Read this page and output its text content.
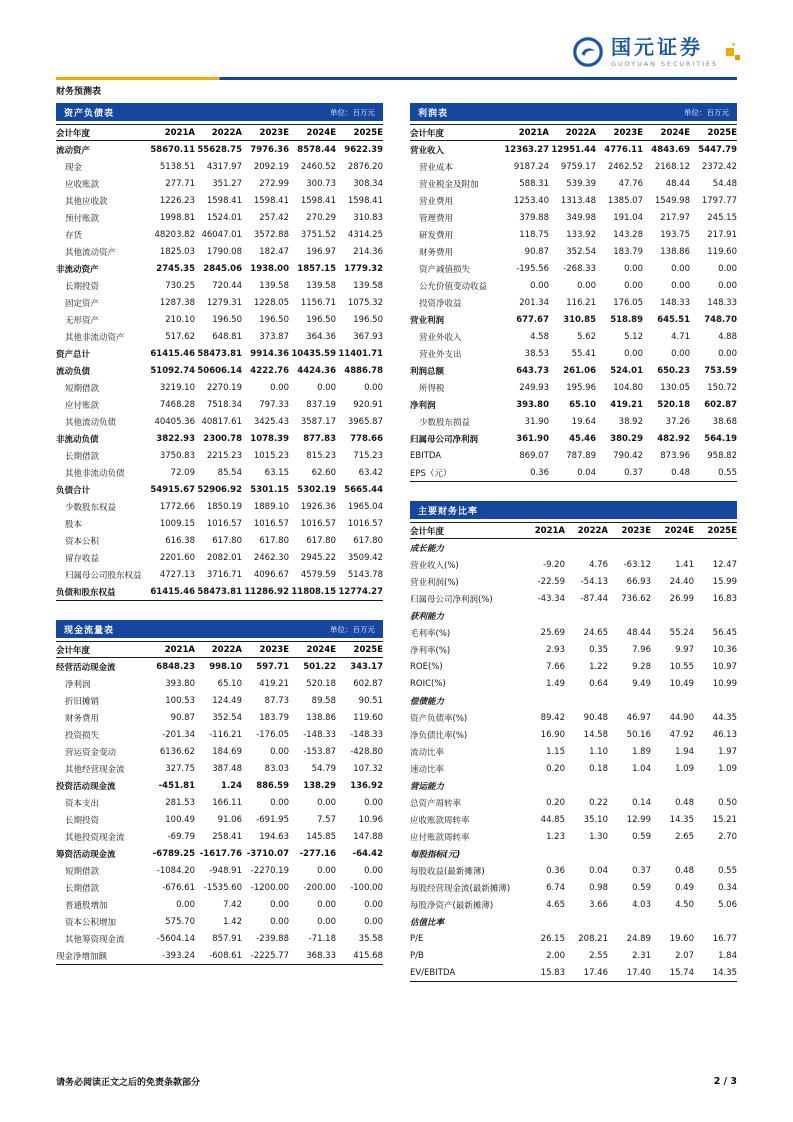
国元证券
GUOYUAN SECURITIES
财务预测表
资产负债表	单位：百万元
会计年度	2021A	2022A	2023E	2024E	2025E
流动资产	58670.11 55628.75 7976.36 8578.44 9622.39
现金	5138.51	4317.97	2092.19	2460.52	2876.20
应收账款	277.71	351.27	272.99	300.73	308.34
其他应收款	1226.23	1598.41	1598.41	1598.41	1598.41
预付账款	1998.81	1524.01	257.42	270.29	310.83
存货	48203.82 46047.01	3572.88	3751.52	4314.25
其他流动资产	1825.03	1790.08	182.47	196.97	214.36
非流动资产	2745.35 2845.06 1938.00 1857.15 1779.32
长期投资	730.25	720.44	139.58	139.58	139.58
固定资产	1287.38	1279.31	1228.05	1156.71	1075.32
无形资产	210.10	196.50	196.50	196.50	196.50
其他非流动资产	517.62	648.81	373.87	364.36	367.93
资产总计	61415.46 58473.81 9914.36 10435.59 11401.71
流动负债	51092.74 50606.14 4222.76 4424.36 4886.78
短期借款	3219.10	2270.19	0.00	0.00	0.00
应付账款	7468.28	7518.34	797.33	837.19	920.91
其他流动负债	40405.36 40817.61	3425.43	3587.17	3965.87
非流动负债	3822.93 2300.78 1078.39	877.83	778.66
长期借款	3750.83	2215.23	1015.23	815.23	715.23
其他非流动负债	72.09	85.54	63.15	62.60	63.42
负债合计	54915.67 52906.92 5301.15 5302.19 5665.44
少数股东权益	1772.66	1850.19	1889.10	1926.36	1965.04
股本	1009.15	1016.57	1016.57	1016.57	1016.57
资本公积	616.38	617.80	617.80	617.80	617.80
留存收益	2201.60	2082.01	2462.30	2945.22	3509.42
归属母公司股东权益	4727.13	3716.71	4096.67	4579.59	5143.78
负债和股东权益	61415.46 58473.81 11286.92 11808.15 12774.27
现金流量表	单位：百万元
会计年度	2021A	2022A	2023E	2024E	2025E
经营活动现金流	6848.23	998.10	597.71	501.22	343.17
净利润	393.80	65.10	419.21	520.18	602.87
折旧摊销	100.53	124.49	87.73	89.58	90.51
财务费用	90.87	352.54	183.79	138.86	119.60
投资损失	-201.34	-116.21	-176.05	-148.33	-148.33
营运资金变动	6136.62	184.69	0.00	-153.87	-428.80
其他经营现金流	327.75	387.48	83.03	54.79	107.32
投资活动现金流	-451.81	1.24	886.59	138.29	136.92
资本支出	281.53	166.11	0.00	0.00	0.00
长期投资	100.49	91.06	-691.95	7.57	10.96
其他投资现金流	-69.79	258.41	194.63	145.85	147.88
筹资活动现金流	-6789.25 -1617.76 -3710.07	-277.16	-64.42
短期借款	-1084.20	-948.91	-2270.19	0.00	0.00
长期借款	-676.61	-1535.60	-1200.00	-200.00	-100.00
普通股增加	0.00	7.42	0.00	0.00	0.00
资本公积增加	575.70	1.42	0.00	0.00	0.00
其他筹资现金流	-5604.14	857.91	-239.88	-71.18	35.58
现金净增加额	-393.24	-608.61	-2225.77	368.33	415.68
利润表	单位：百万元
会计年度	2021A	2022A	2023E	2024E	2025E
营业收入	12363.27 12951.44 4776.11 4843.69 5447.79
营业成本	9187.24	9759.17	2462.52	2168.12	2372.42
营业税金及附加	588.31	539.39	47.76	48.44	54.48
营业费用	1253.40	1313.48	1385.07	1549.98	1797.77
管理费用	379.88	349.98	191.04	217.97	245.15
研发费用	118.75	133.92	143.28	193.75	217.91
财务费用	90.87	352.54	183.79	138.86	119.60
资产减值损失	-195.56	-268.33	0.00	0.00	0.00
公允价值变动收益	0.00	0.00	0.00	0.00	0.00
投资净收益	201.34	116.21	176.05	148.33	148.33
营业利润	677.67	310.85	518.89	645.51	748.70
营业外收入	4.58	5.62	5.12	4.71	4.88
营业外支出	38.53	55.41	0.00	0.00	0.00
利润总额	643.73	261.06	524.01	650.23	753.59
所得税	249.93	195.96	104.80	130.05	150.72
净利润	393.80	65.10	419.21	520.18	602.87
少数股东损益	31.90	19.64	38.92	37.26	38.68
归属母公司净利润	361.90	45.46	380.29	482.92	564.19
EBITDA	869.07	787.89	790.42	873.96	958.82
EPS（元）	0.36	0.04	0.37	0.48	0.55
主要财务比率
会计年度	2021A	2022A	2023E	2024E	2025E
成长能力
营业收入(%)	-9.20	4.76	-63.12	1.41	12.47
营业利润(%)	-22.59	-54.13	66.93	24.40	15.99
归属母公司净利润(%)	-43.34	-87.44	736.62	26.99	16.83
获利能力
毛利率(%)	25.69	24.65	48.44	55.24	56.45
净利率(%)	2.93	0.35	7.96	9.97	10.36
ROE(%)	7.66	1.22	9.28	10.55	10.97
ROIC(%)	1.49	0.64	9.49	10.49	10.99
偿债能力
资产负债率(%)	89.42	90.48	46.97	44.90	44.35
净负债比率(%)	16.90	14.58	50.16	47.92	46.13
流动比率	1.15	1.10	1.89	1.94	1.97
速动比率	0.20	0.18	1.04	1.09	1.09
营运能力
总资产周转率	0.20	0.22	0.14	0.48	0.50
应收账款周转率	44.85	35.10	12.99	14.35	15.21
应付账款周转率	1.23	1.30	0.59	2.65	2.70
每股指标(元)
每股收益(最新摊薄)	0.36	0.04	0.37	0.48	0.55
每股经营现金流(最新摊薄)	6.74	0.98	0.59	0.49	0.34
每股净资产(最新摊薄)	4.65	3.66	4.03	4.50	5.06
估值比率
P/E	26.15	208.21	24.89	19.60	16.77
P/B	2.00	2.55	2.31	2.07	1.84
EV/EBITDA	15.83	17.46	17.40	15.74	14.35
请务必阅读正文之后的免责条款部分	2 / 3
